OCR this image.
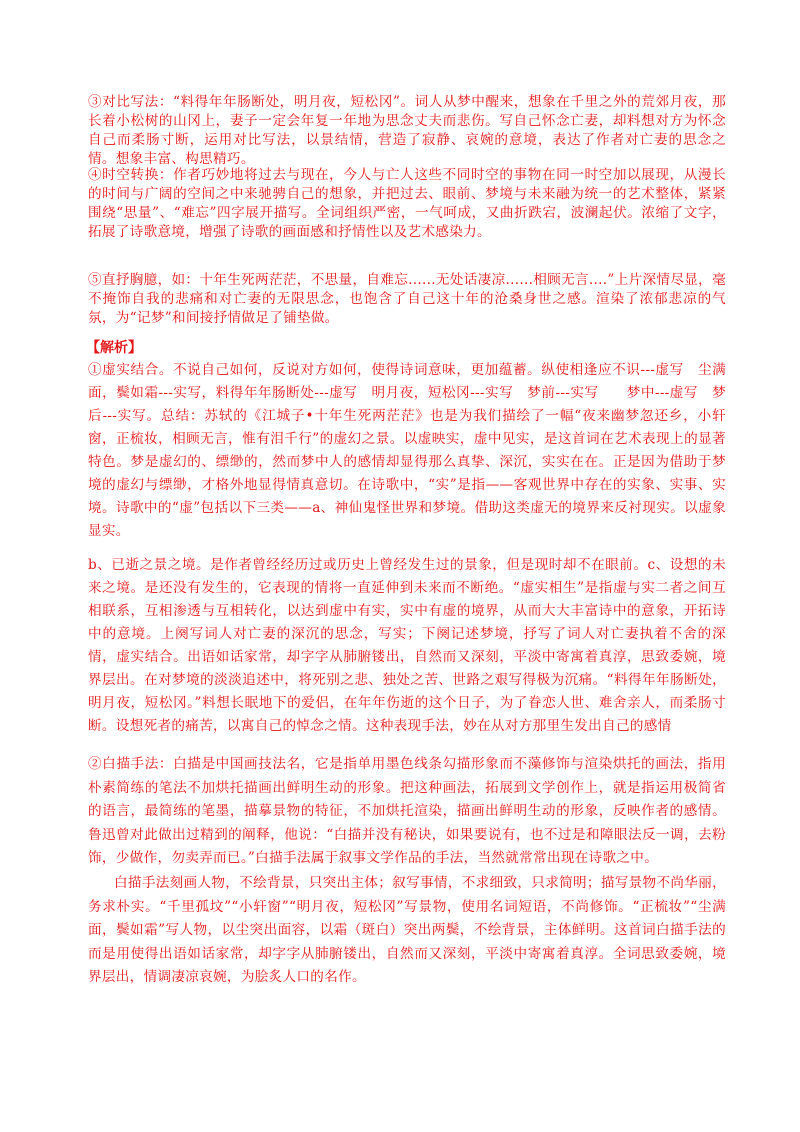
③对比写法：“料得年年肠断处，明月夜，短松冈”。词人从梦中醒来，想象在千里之外的荒郊月夜，那长着小松树的山冈上，妻子一定会年复一年地为思念丈夫而悲伤。写自己怀念亡妻，却料想对方为怀念自己而柔肠寸断，运用对比写法，以景结情，营造了寂静、哀婉的意境，表达了作者对亡妻的思念之情。想象丰富、构思精巧。

④时空转换：作者巧妙地将过去与现在，今人与亡人这些不同时空的事物在同一时空加以展现，从漫长的时间与广阔的空间之中来驰骋自己的想象，并把过去、眼前、梦境与未来融为统一的艺术整体，紧紧围绕“思量”、“难忘”四字展开描写。全词组织严密，一气呵成，又曲折跌宕，波澜起伏。浓缩了文字，拓展了诗歌意境，增强了诗歌的画面感和抒情性以及艺术感染力。

⑤直抒胸臆，如：十年生死两茫茫，不思量，自难忘......无处话凄凉......相顾无言....”上片深情尽显，毫不掩饰自我的悲痛和对亡妻的无限思念，也饱含了自己这十年的沧桑身世之感。渲染了浓郁悲凉的气氛，为“记梦”和间接抒情做足了铺垫做。

【解析】

①虚实结合。不说自己如何，反说对方如何，使得诗词意味，更加蕴蓄。纵使相逢应不识---虚写　尘满面，鬓如霜---实写，料得年年肠断处---虚写　明月夜，短松冈---实写　梦前---实写　　梦中---虚写　梦后---实写。总结：苏轼的《江城子•十年生死两茫茫》也是为我们描绘了一幅“夜来幽梦忽还乡，小轩窗，正梳妆，相顾无言，惟有泪千行”的虚幻之景。以虚映实，虚中见实，是这首词在艺术表现上的显著特色。梦是虚幻的、缥缈的，然而梦中人的感情却显得那么真挚、深沉，实实在在。正是因为借助于梦境的虚幻与缥缈，才格外地显得情真意切。在诗歌中，“实”是指——客观世界中存在的实象、实事、实境。诗歌中的“虚”包括以下三类——a、神仙鬼怪世界和梦境。借助这类虚无的境界来反衬现实。以虚象显实。

b、已逝之景之境。是作者曾经经历过或历史上曾经发生过的景象，但是现时却不在眼前。c、设想的未来之境。是还没有发生的，它表现的情将一直延伸到未来而不断绝。“虚实相生”是指虚与实二者之间互相联系，互相渗透与互相转化，以达到虚中有实，实中有虚的境界，从而大大丰富诗中的意象，开拓诗中的意境。上阕写词人对亡妻的深沉的思念，写实；下阕记述梦境，抒写了词人对亡妻执着不舍的深情，虚实结合。出语如话家常，却字字从肺腑镂出，自然而又深刻，平淡中寄寓着真淳，思致委婉，境界层出。在对梦境的淡淡追述中，将死别之悲、独处之苦、世路之艰写得极为沉痛。“料得年年肠断处，明月夜，短松冈。”料想长眠地下的爱侣，在年年伤逝的这个日子，为了眷恋人世、难舍亲人，而柔肠寸断。设想死者的痛苦，以寓自己的悼念之情。这种表现手法，妙在从对方那里生发出自己的感情

②白描手法：白描是中国画技法名，它是指单用墨色线条勾描形象而不藻修饰与渲染烘托的画法，指用朴素简练的笔法不加烘托描画出鲜明生动的形象。把这种画法，拓展到文学创作上，就是指运用极简省的语言，最简练的笔墨，描摹景物的特征，不加烘托渲染，描画出鲜明生动的形象，反映作者的感情。鲁迅曾对此做出过精到的阐释，他说：“白描并没有秘诀，如果要说有，也不过是和障眼法反一调，去粉饰，少做作，勿卖弄而已。”白描手法属于叙事文学作品的手法，当然就常常出现在诗歌之中。

白描手法刻画人物，不绘背景，只突出主体；叙写事情，不求细致，只求简明；描写景物不尚华丽，务求朴实。“千里孤坟”“小轩窗”“明月夜，短松冈”写景物，使用名词短语，不尚修饰。“正梳妆”“尘满面，鬓如霜”写人物，以尘突出面容，以霜（斑白）突出两鬓，不绘背景，主体鲜明。这首词白描手法的而是用使得出语如话家常，却字字从肺腑镂出，自然而又深刻，平淡中寄寓着真淳。全词思致委婉，境界层出，情调凄凉哀婉，为脍炙人口的名作。
